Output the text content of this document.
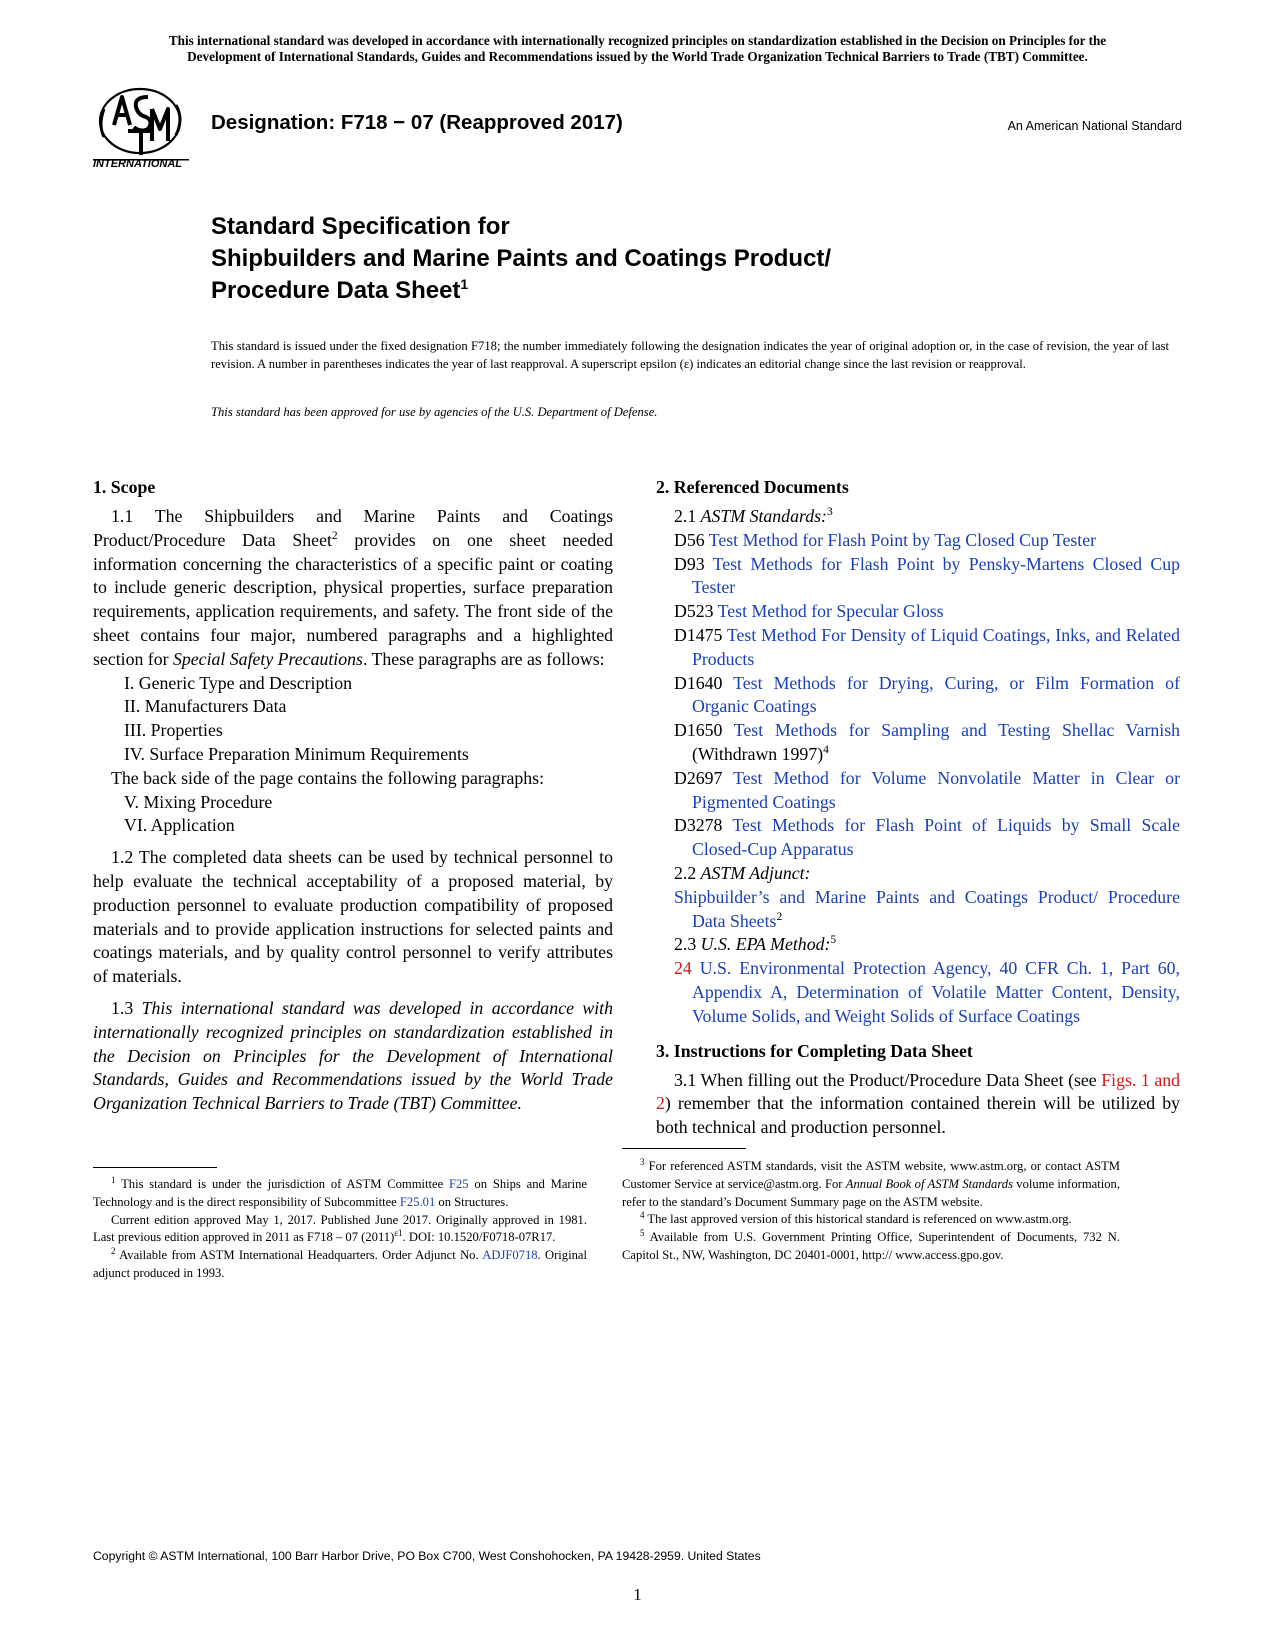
This international standard was developed in accordance with internationally recognized principles on standardization established in the Decision on Principles for the
Development of International Standards, Guides and Recommendations issued by the World Trade Organization Technical Barriers to Trade (TBT) Committee.
INTERNATIONAL
Designation: F718 − 07 (Reapproved 2017)	An American National Standard
Standard Specification for
Shipbuilders and Marine Paints and Coatings Product/
Procedure Data Sheet$^1$
This standard is issued under the fixed designation F718; the number immediately following the designation indicates the year of original adoption or, in the case of revision, the year of last revision. A number in parentheses indicates the year of last reapproval. A superscript epsilon (ε) indicates an editorial change since the last revision or reapproval.
This standard has been approved for use by agencies of the U.S. Department of Defense.
1. Scope

1.1 The Shipbuilders and Marine Paints and Coatings Product/Procedure Data Sheet$^2$ provides on one sheet needed information concerning the characteristics of a specific paint or coating to include generic description, physical properties, surface preparation requirements, application requirements, and safety. The front side of the sheet contains four major, numbered paragraphs and a highlighted section for Special Safety Precautions. These paragraphs are as follows:

I. Generic Type and Description
II. Manufacturers Data
III. Properties
IV. Surface Preparation Minimum Requirements
The back side of the page contains the following paragraphs:
V. Mixing Procedure
VI. Application

1.2 The completed data sheets can be used by technical personnel to help evaluate the technical acceptability of a proposed material, by production personnel to evaluate production compatibility of proposed materials and to provide application instructions for selected paints and coatings materials, and by quality control personnel to verify attributes of materials.

1.3 This international standard was developed in accordance with internationally recognized principles on standardization established in the Decision on Principles for the Development of International Standards, Guides and Recommendations issued by the World Trade Organization Technical Barriers to Trade (TBT) Committee.

2. Referenced Documents
2.1 ASTM Standards:$^3$
D56 Test Method for Flash Point by Tag Closed Cup Tester
D93 Test Methods for Flash Point by Pensky-Martens Closed Cup Tester
D523 Test Method for Specular Gloss
D1475 Test Method For Density of Liquid Coatings, Inks, and Related Products
D1640 Test Methods for Drying, Curing, or Film Formation of Organic Coatings
D1650 Test Methods for Sampling and Testing Shellac Varnish (Withdrawn 1997)$^4$
D2697 Test Method for Volume Nonvolatile Matter in Clear or Pigmented Coatings
D3278 Test Methods for Flash Point of Liquids by Small Scale Closed-Cup Apparatus
2.2 ASTM Adjunct:
Shipbuilder’s and Marine Paints and Coatings Product/ Procedure Data Sheets$^2$
2.3 U.S. EPA Method:$^5$
24 U.S. Environmental Protection Agency, 40 CFR Ch. 1, Part 60, Appendix A, Determination of Volatile Matter Content, Density, Volume Solids, and Weight Solids of Surface Coatings
3. Instructions for Completing Data Sheet

3.1 When filling out the Product/Procedure Data Sheet (see Figs. 1 and 2) remember that the information contained therein will be utilized by both technical and production personnel.

$^1$ This standard is under the jurisdiction of ASTM Committee F25 on Ships and Marine Technology and is the direct responsibility of Subcommittee F25.01 on Structures.

Current edition approved May 1, 2017. Published June 2017. Originally approved in 1981. Last previous edition approved in 2011 as F718 – 07 $(2011)^{\varepsilon 1}$. DOI: 10.1520/F0718-07R17.

$^2$ Available from ASTM International Headquarters. Order Adjunct No. ADJF0718. Original adjunct produced in 1993.

$^3$ For referenced ASTM standards, visit the ASTM website, www.astm.org, or contact ASTM Customer Service at service@astm.org. For Annual Book of ASTM Standards volume information, refer to the standard’s Document Summary page on the ASTM website.

$^4$ The last approved version of this historical standard is referenced on www.astm.org.

$^5$ Available from U.S. Government Printing Office, Superintendent of Documents, 732 N. Capitol St., NW, Washington, DC 20401-0001, http:// www.access.gpo.gov.

Copyright © ASTM International, 100 Barr Harbor Drive, PO Box C700, West Conshohocken, PA 19428-2959. United States
1
